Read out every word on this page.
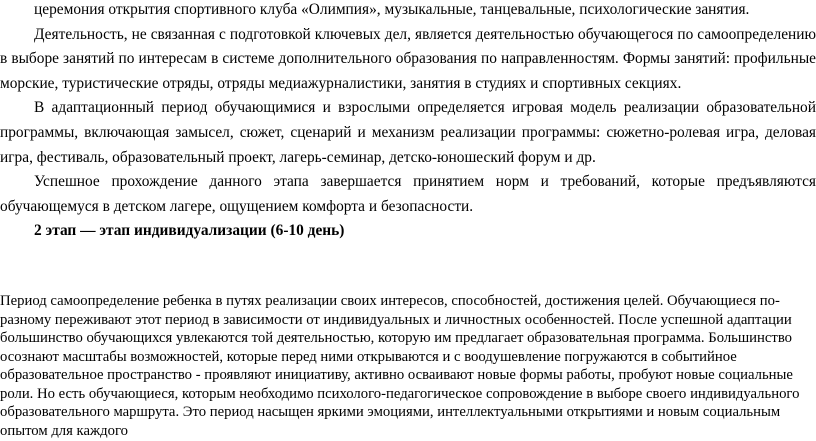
церемония открытия спортивного клуба «Олимпия», музыкальные, танцевальные, психологические занятия.

Деятельность, не связанная с подготовкой ключевых дел, является деятельностью обучающегося по самоопределению в выборе занятий по интересам в системе дополнительного образования по направленностям. Формы занятий: профильные морские, туристические отряды, отряды медиажурналистики, занятия в студиях и спортивных секциях.

В адаптационный период обучающимися и взрослыми определяется игровая модель реализации образовательной программы, включающая замысел, сюжет, сценарий и механизм реализации программы: сюжетно-ролевая игра, деловая игра, фестиваль, образовательный проект, лагерь-семинар, детско-юношеский форум и др.

Успешное прохождение данного этапа завершается принятием норм и требований, которые предъявляются обучающемуся в детском лагере, ощущением комфорта и безопасности.

2 этап — этап индивидуализации (6-10 день)

Период самоопределение ребенка в путях реализации своих интересов, способностей, достижения целей. Обучающиеся по-разному переживают этот период в зависимости от индивидуальных и личностных особенностей. После успешной адаптации большинство обучающихся увлекаются той деятельностью, которую им предлагает образовательная программа. Большинство осознают масштабы возможностей, которые перед ними открываются и с воодушевление погружаются в событийное образовательное пространство - проявляют инициативу, активно осваивают новые формы работы, пробуют новые социальные роли. Но есть обучающиеся, которым необходимо психолого-педагогическое сопровождение в выборе своего индивидуального образовательного маршрута. Это период насыщен яркими эмоциями, интеллектуальными открытиями и новым социальным опытом для каждого
